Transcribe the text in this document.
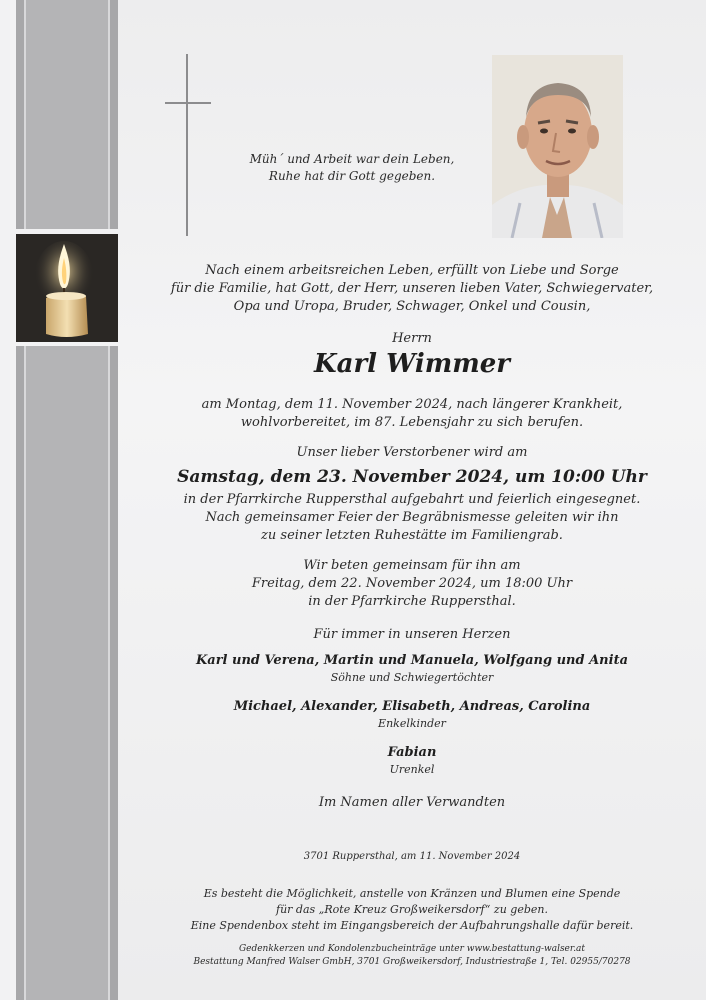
Müh´ und Arbeit war dein Leben,
Ruhe hat dir Gott gegeben.
Nach einem arbeitsreichen Leben, erfüllt von Liebe und Sorge
für die Familie, hat Gott, der Herr, unseren lieben Vater, Schwiegervater,
Opa und Uropa, Bruder, Schwager, Onkel und Cousin,
Herrn
Karl Wimmer
am Montag, dem 11. November 2024, nach längerer Krankheit,
wohlvorbereitet, im 87. Lebensjahr zu sich berufen.
Unser lieber Verstorbener wird am
Samstag, dem 23. November 2024, um 10:00 Uhr
in der Pfarrkirche Ruppersthal aufgebahrt und feierlich eingesegnet.
Nach gemeinsamer Feier der Begräbnismesse geleiten wir ihn
zu seiner letzten Ruhestätte im Familiengrab.
Wir beten gemeinsam für ihn am
Freitag, dem 22. November 2024, um 18:00 Uhr
in der Pfarrkirche Ruppersthal.
Für immer in unseren Herzen
Karl und Verena, Martin und Manuela, Wolfgang und Anita
Söhne und Schwiegertöchter
Michael, Alexander, Elisabeth, Andreas, Carolina
Enkelkinder
Fabian
Urenkel
Im Namen aller Verwandten
3701 Ruppersthal, am 11. November 2024
Es besteht die Möglichkeit, anstelle von Kränzen und Blumen eine Spende
für das „Rote Kreuz Großweikersdorf“ zu geben.
Eine Spendenbox steht im Eingangsbereich der Aufbahrungshalle dafür bereit.
Gedenkkerzen und Kondolenzbucheinträge unter www.bestattung-walser.at
Bestattung Manfred Walser GmbH, 3701 Großweikersdorf, Industriestraße 1, Tel. 02955/70278
